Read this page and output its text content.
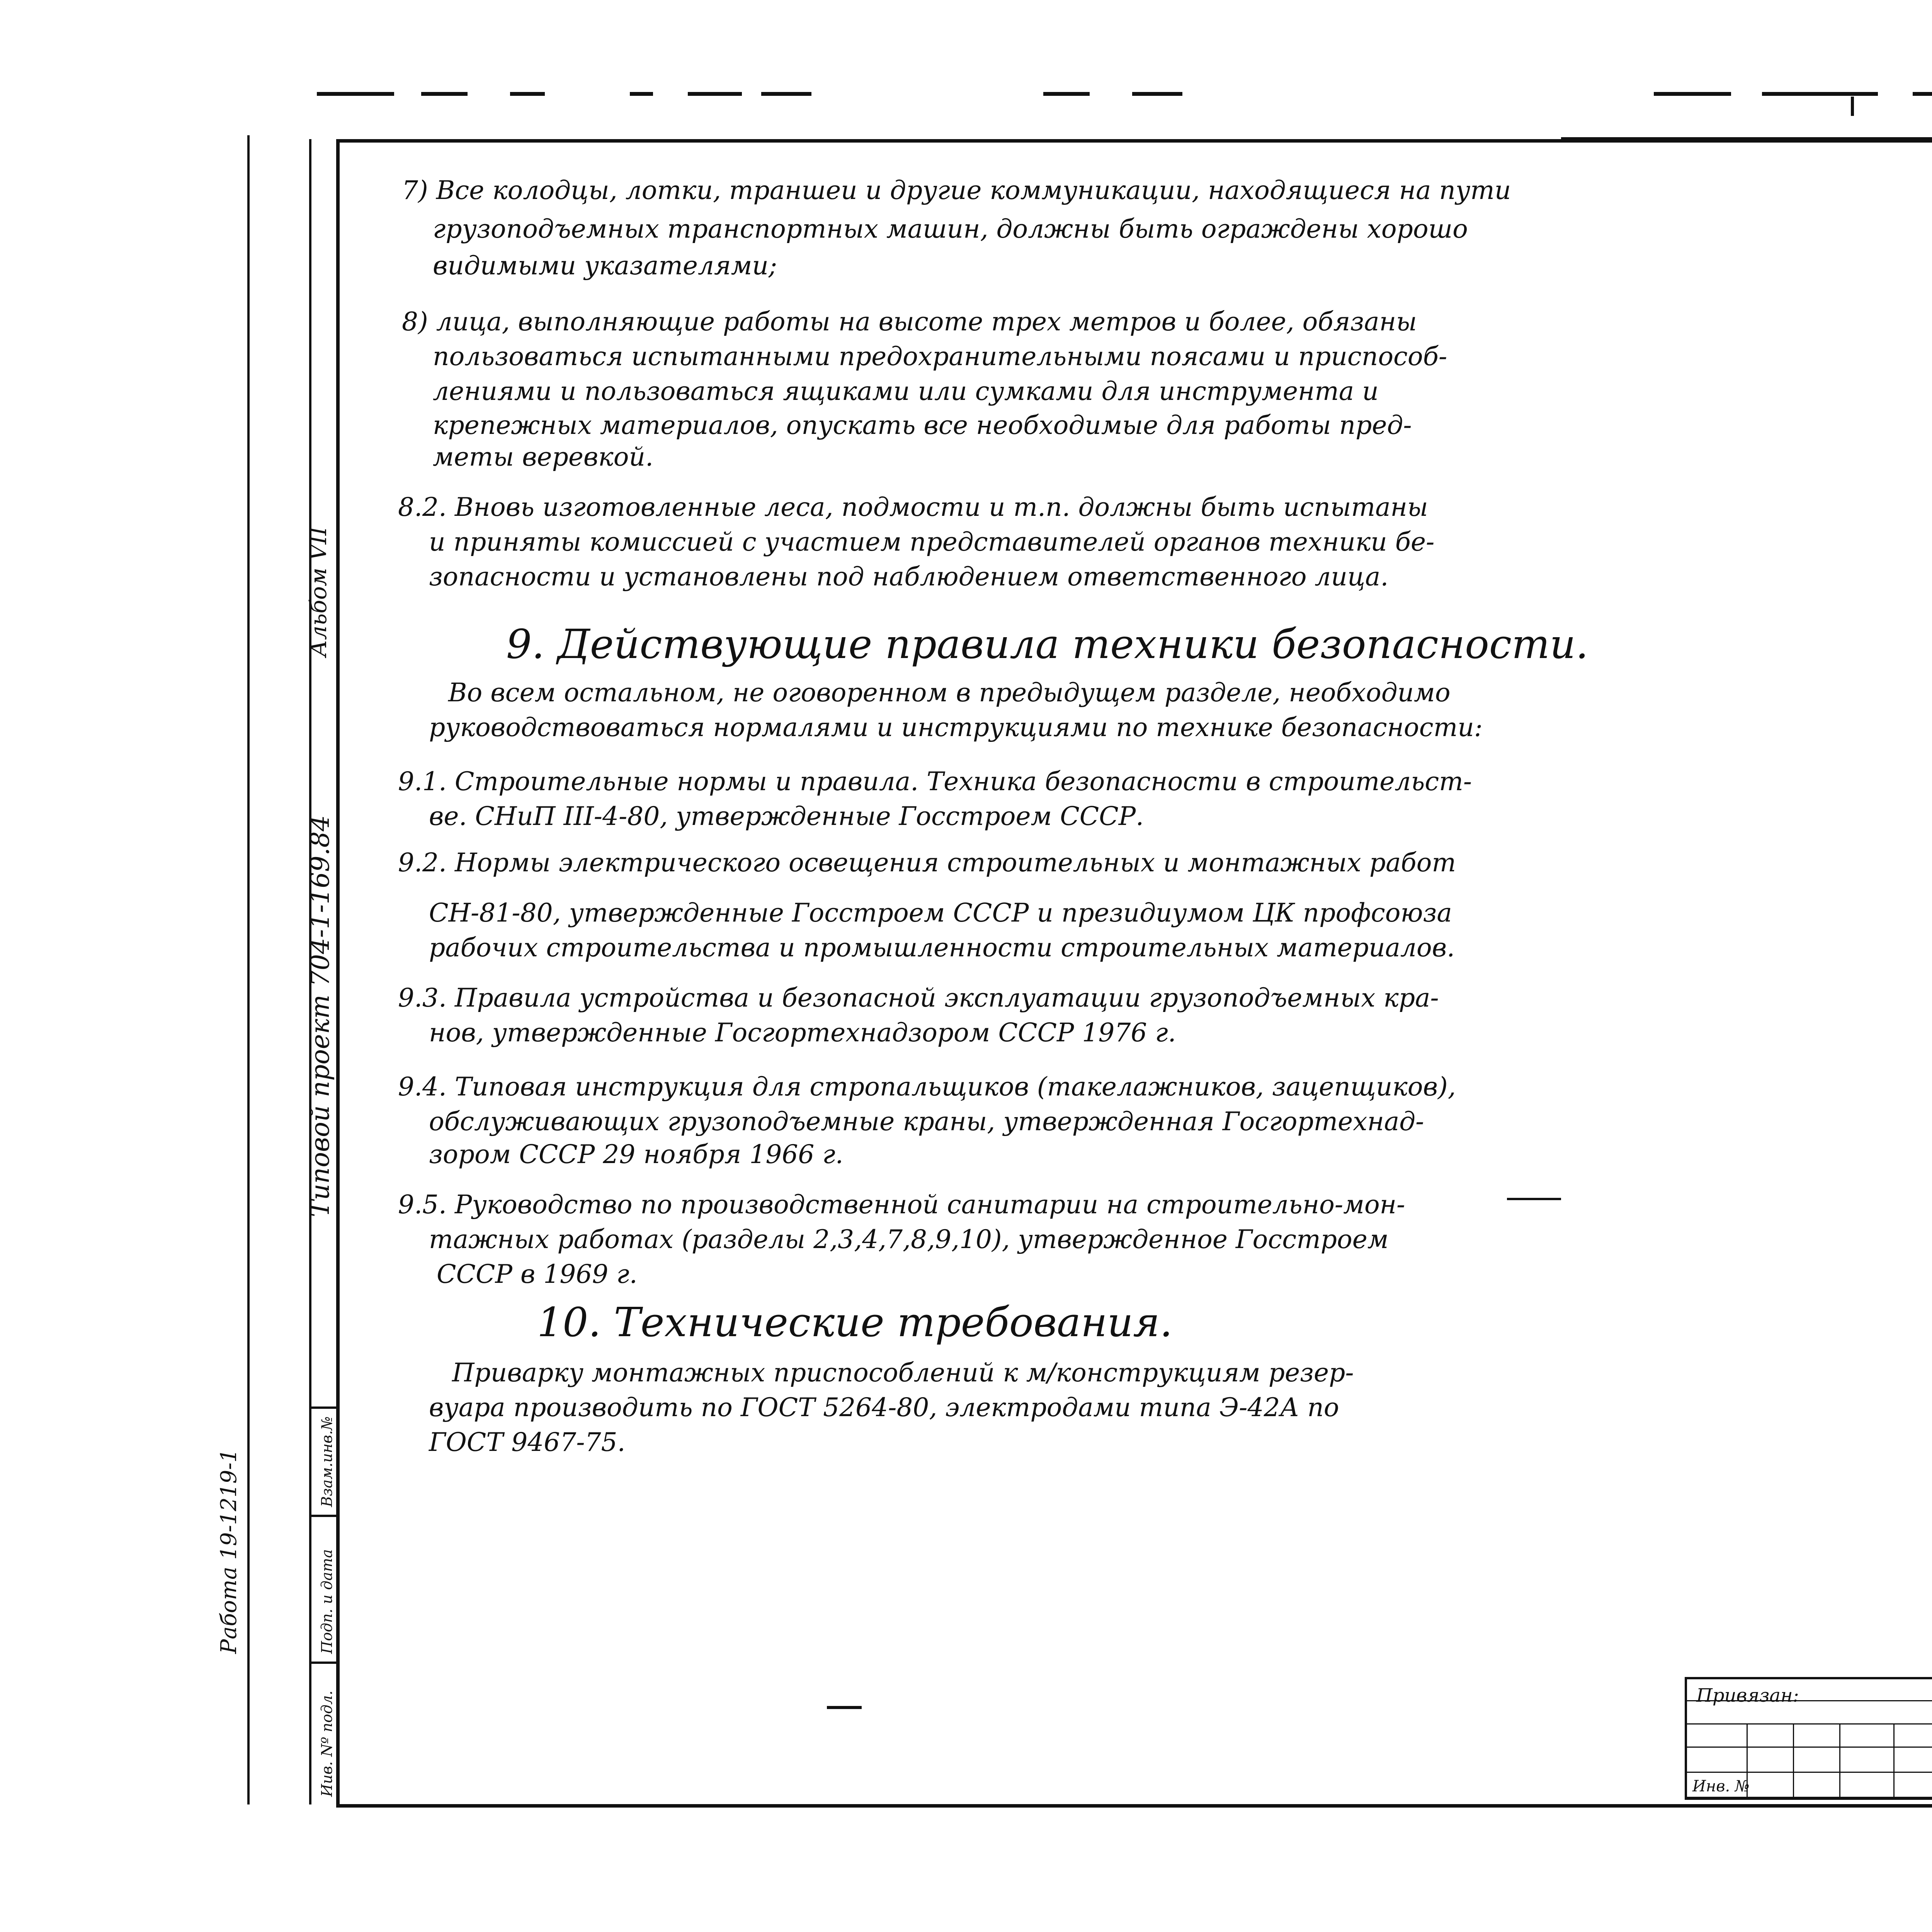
Альбом VII
Типовой проект 704-1-169.84
Взам.инв.№
Подп. и дата
Иив. Nº подл.
Работа 19-1219-1
7) Все колодцы, лотки, траншеи и другие коммуникации, находящиеся на пути
грузоподъемных транспортных машин, должны быть ограждены хорошо
видимыми указателями;
8) лица, выполняющие работы на высоте трех метров и более, обязаны
пользоваться испытанными предохранительными поясами и приспособ-
лениями и пользоваться ящиками или сумками для инструмента и
крепежных материалов, опускать все необходимые для работы пред-
меты веревкой.
8.2. Вновь изготовленные леса, подмости и т.п. должны быть испытаны
и приняты комиссией с участием представителей органов техники бе-
зопасности и установлены под наблюдением ответственного лица.
9. Действующие правила техники безопасности.
Во всем остальном, не оговоренном в предыдущем разделе, необходимо
руководствоваться нормалями и инструкциями по технике безопасности:
9.1. Строительные нормы и правила. Техника безопасности в строительст-
ве. СНиП III-4-80, утвержденные Госстроем СССР.
9.2. Нормы электрического освещения строительных и монтажных работ
СН-81-80, утвержденные Госстроем СССР и президиумом ЦК профсоюза
рабочих строительства и промышленности строительных материалов.
9.3. Правила устройства и безопасной эксплуатации грузоподъемных кра-
нов, утвержденные Госгортехнадзором СССР 1976 г.
9.4. Типовая инструкция для стропальщиков (такелажников, зацепщиков),
обслуживающих грузоподъемные краны, утвержденная Госгортехнад-
зором СССР 29 ноября 1966 г.
9.5. Руководство по производственной санитарии на строительно-мон-
тажных работах (разделы 2,3,4,7,8,9,10), утвержденное Госстроем
СССР в 1969 г.
10. Технические требования.
Приварку монтажных приспособлений к м/конструкциям резер-
вуара производить по ГОСТ 5264-80, электродами типа Э-42А по
ГОСТ 9467-75.
Привязан:
Инв. №
